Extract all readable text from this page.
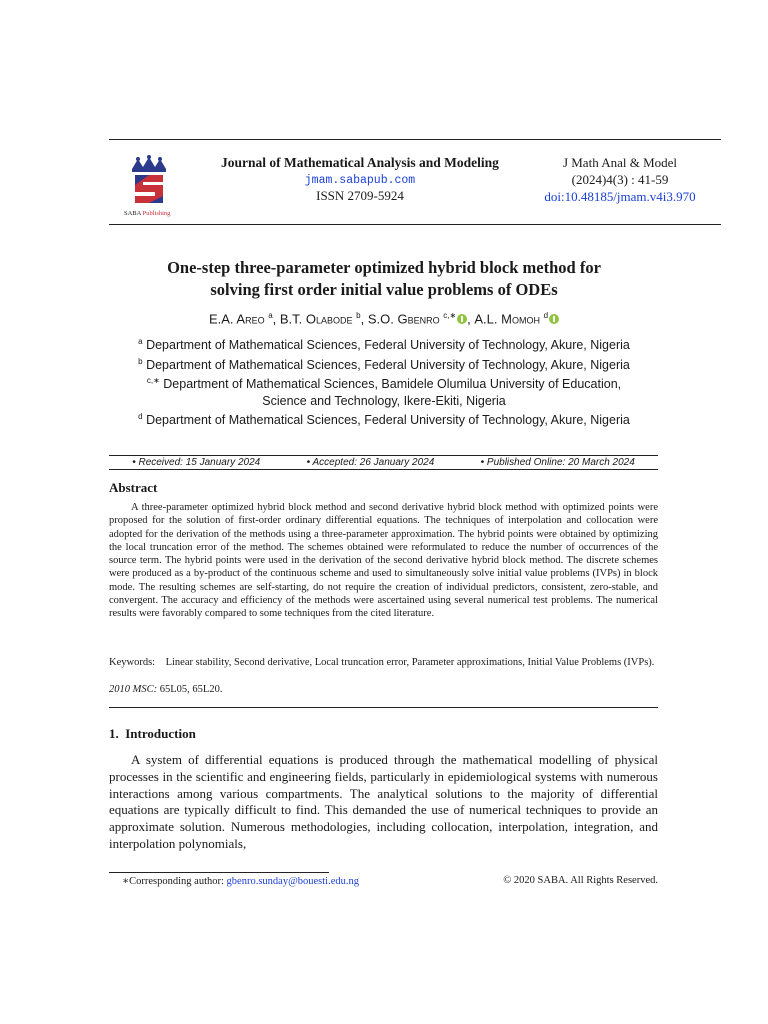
SABA Publishing
Journal of Mathematical Analysis and Modeling
jmam.sabapub.com
ISSN 2709-5924
J Math Anal & Model
(2024)4(3) : 41-59
doi:10.48185/jmam.v4i3.970
One-step three-parameter optimized hybrid block method for
solving first order initial value problems of ODEs
E.A. Areo $^a$, B.T. Olabode $^b$, S.O. Gbenro $^{c,∗}$ , A.L. Momoh $^d$
$^a$ Department of Mathematical Sciences, Federal University of Technology, Akure, Nigeria
$^b$ Department of Mathematical Sciences, Federal University of Technology, Akure, Nigeria
$^{c,∗}$ Department of Mathematical Sciences, Bamidele Olumilua University of Education,
Science and Technology, Ikere-Ekiti, Nigeria
$^d$ Department of Mathematical Sciences, Federal University of Technology, Akure, Nigeria
• Received: 15 January 2024	• Accepted: 26 January 2024	• Published Online: 20 March 2024
Abstract
A three-parameter optimized hybrid block method and second derivative hybrid block method with optimized points were proposed for the solution of first-order ordinary differential equations. The techniques of interpolation and collocation were adopted for the derivation of the methods using a three-parameter approximation. The hybrid points were obtained by optimizing the local truncation error of the method. The schemes obtained were reformulated to reduce the number of occurrences of the source term. The hybrid points were used in the derivation of the second derivative hybrid block method. The discrete schemes were produced as a by-product of the continuous scheme and used to simultaneously solve initial value problems (IVPs) in block mode. The resulting schemes are self-starting, do not require the creation of individual predictors, consistent, zero-stable, and convergent. The accuracy and efficiency of the methods were ascertained using several numerical test problems. The numerical results were favorably compared to some techniques from the cited literature.
Keywords: Linear stability, Second derivative, Local truncation error, Parameter approximations, Initial Value Problems (IVPs).
2010 MSC: 65L05, 65L20.
1.  Introduction
A system of differential equations is produced through the mathematical modelling of physical processes in the scientific and engineering fields, particularly in epidemiological systems with numerous interactions among various compartments. The analytical solutions to the majority of differential equations are typically difficult to find. This demanded the use of numerical techniques to provide an approximate solution. Numerous methodologies, including collocation, interpolation, integration, and interpolation polynomials,
∗Corresponding author: gbenro.sunday@bouesti.edu.ng	© 2020 SABA. All Rights Reserved.
